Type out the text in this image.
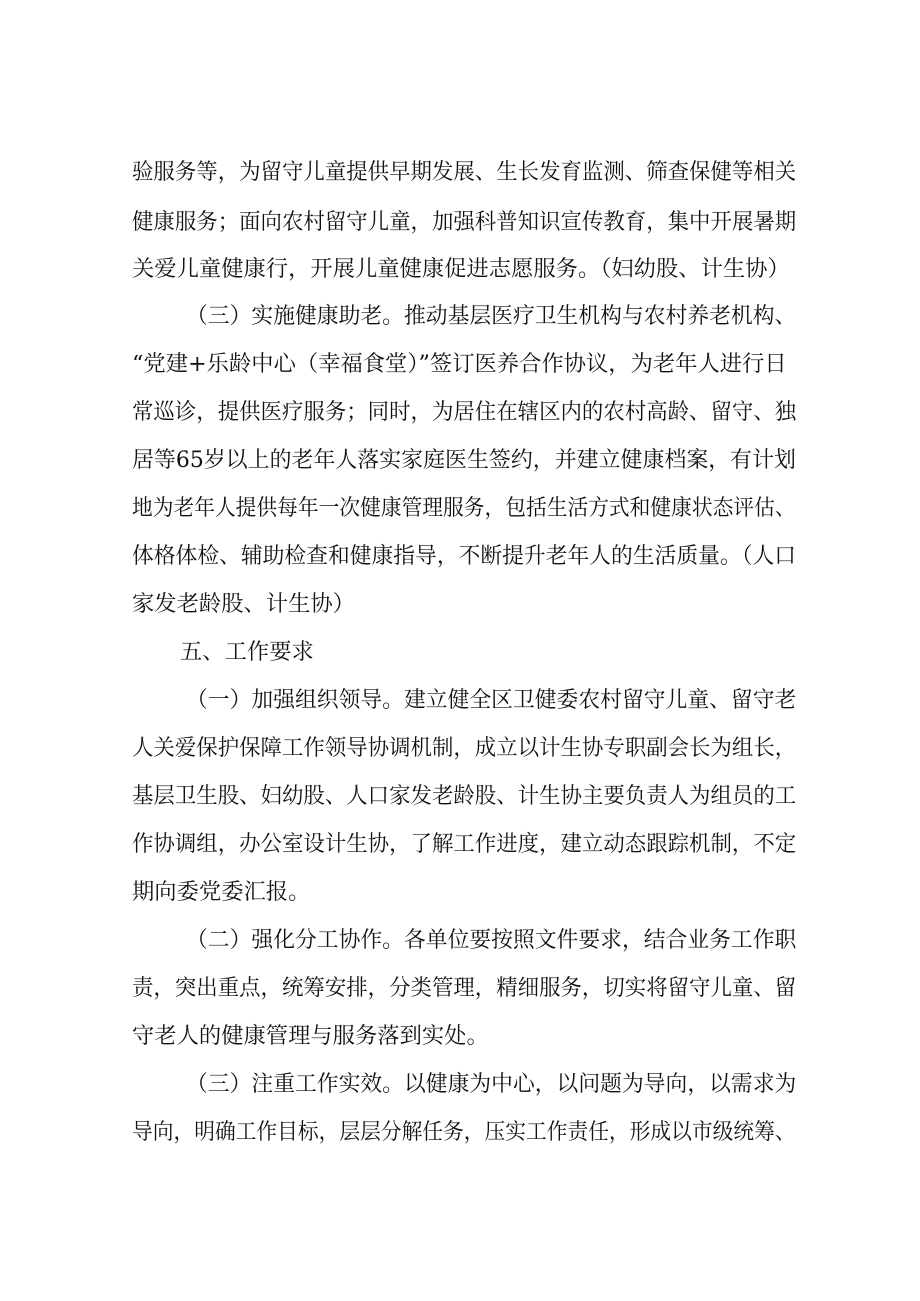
验服务等，为留守儿童提供早期发展、生长发育监测、筛查保健等相关
健康服务；面向农村留守儿童，加强科普知识宣传教育，集中开展暑期
关爱儿童健康行，开展儿童健康促进志愿服务。（妇幼股、计生协）
（三）实施健康助老。推动基层医疗卫生机构与农村养老机构、
“党建+乐龄中心（幸福食堂）”签订医养合作协议，为老年人进行日
常巡诊，提供医疗服务；同时，为居住在辖区内的农村高龄、留守、独
居等65岁以上的老年人落实家庭医生签约，并建立健康档案，有计划
地为老年人提供每年一次健康管理服务，包括生活方式和健康状态评估、
体格体检、辅助检查和健康指导，不断提升老年人的生活质量。（人口
家发老龄股、计生协）
五、工作要求
（一）加强组织领导。建立健全区卫健委农村留守儿童、留守老
人关爱保护保障工作领导协调机制，成立以计生协专职副会长为组长，
基层卫生股、妇幼股、人口家发老龄股、计生协主要负责人为组员的工
作协调组，办公室设计生协，了解工作进度，建立动态跟踪机制，不定
期向委党委汇报。
（二）强化分工协作。各单位要按照文件要求，结合业务工作职
责，突出重点，统筹安排，分类管理，精细服务，切实将留守儿童、留
守老人的健康管理与服务落到实处。
（三）注重工作实效。以健康为中心，以问题为导向，以需求为
导向，明确工作目标，层层分解任务，压实工作责任，形成以市级统筹、
